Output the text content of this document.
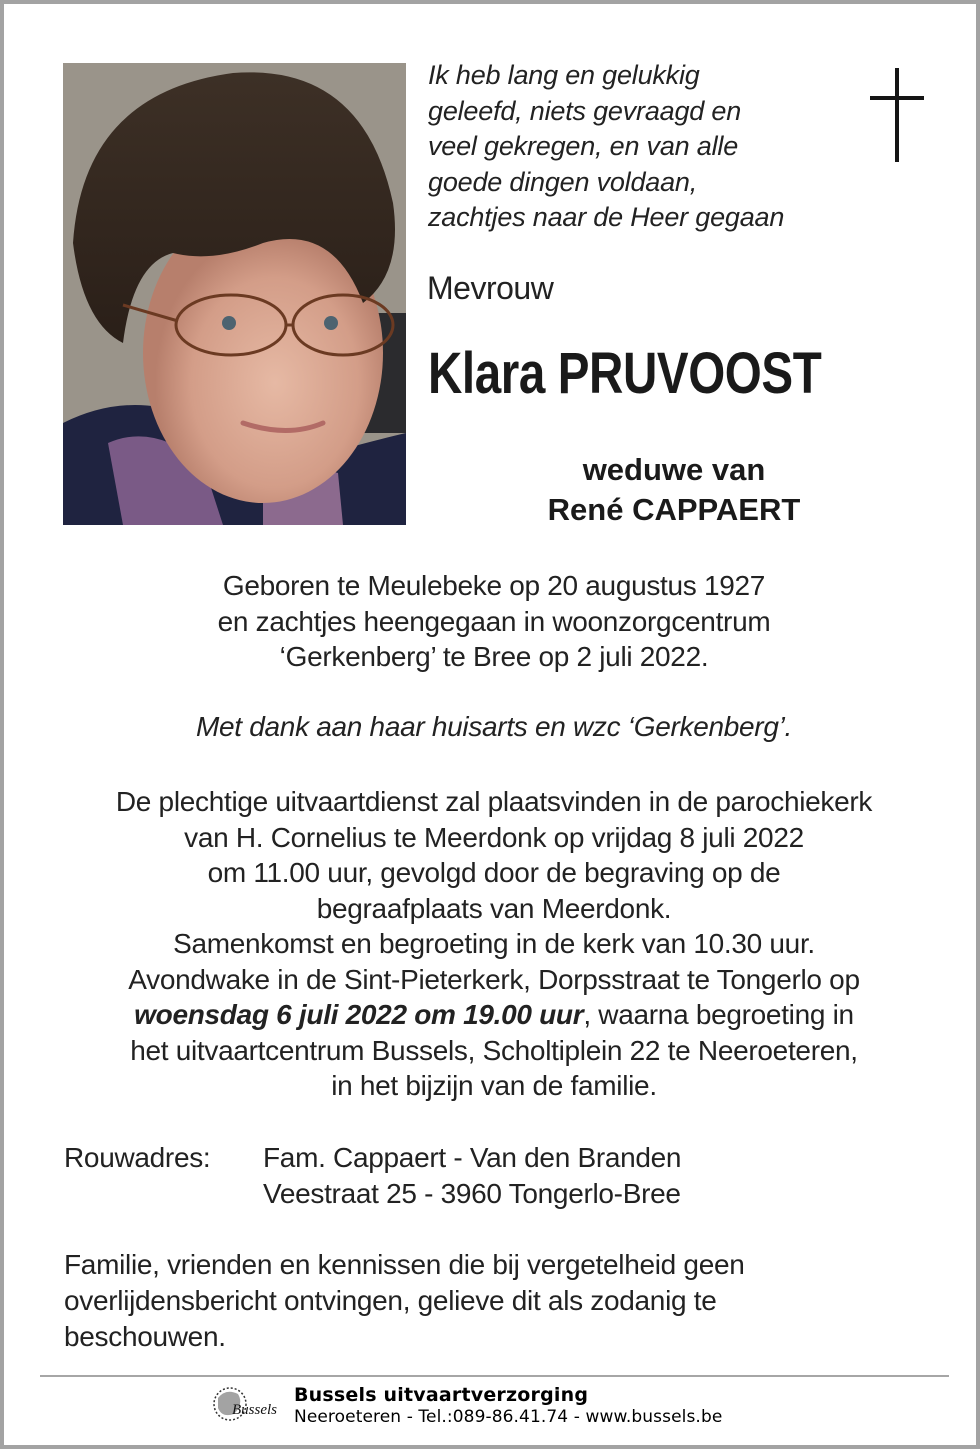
Ik heb lang en gelukkig
geleefd, niets gevraagd en
veel gekregen, en van alle
goede dingen voldaan,
zachtjes naar de Heer gegaan
Mevrouw
Klara PRUVOOST
weduwe van
René CAPPAERT
Geboren te Meulebeke op 20 augustus 1927
en zachtjes heengegaan in woonzorgcentrum
‘Gerkenberg’ te Bree op 2 juli 2022.
Met dank aan haar huisarts en wzc ‘Gerkenberg’.
De plechtige uitvaartdienst zal plaatsvinden in de parochiekerk
van H. Cornelius te Meerdonk op vrijdag 8 juli 2022
om 11.00 uur, gevolgd door de begraving op de
begraafplaats van Meerdonk.
Samenkomst en begroeting in de kerk van 10.30 uur.
Avondwake in de Sint-Pieterkerk, Dorpsstraat te Tongerlo op
woensdag 6 juli 2022 om 19.00 uur, waarna begroeting in
het uitvaartcentrum Bussels, Scholtiplein 22 te Neeroeteren,
in het bijzijn van de familie.
Rouwadres: Fam. Cappaert - Van den Branden
Veestraat 25 - 3960 Tongerlo-Bree
Familie, vrienden en kennissen die bij vergetelheid geen overlijdensbericht ontvingen, gelieve dit als zodanig te beschouwen.
Bussels
Bussels uitvaartverzorging
Neeroeteren - Tel.:089-86.41.74 - www.bussels.be
